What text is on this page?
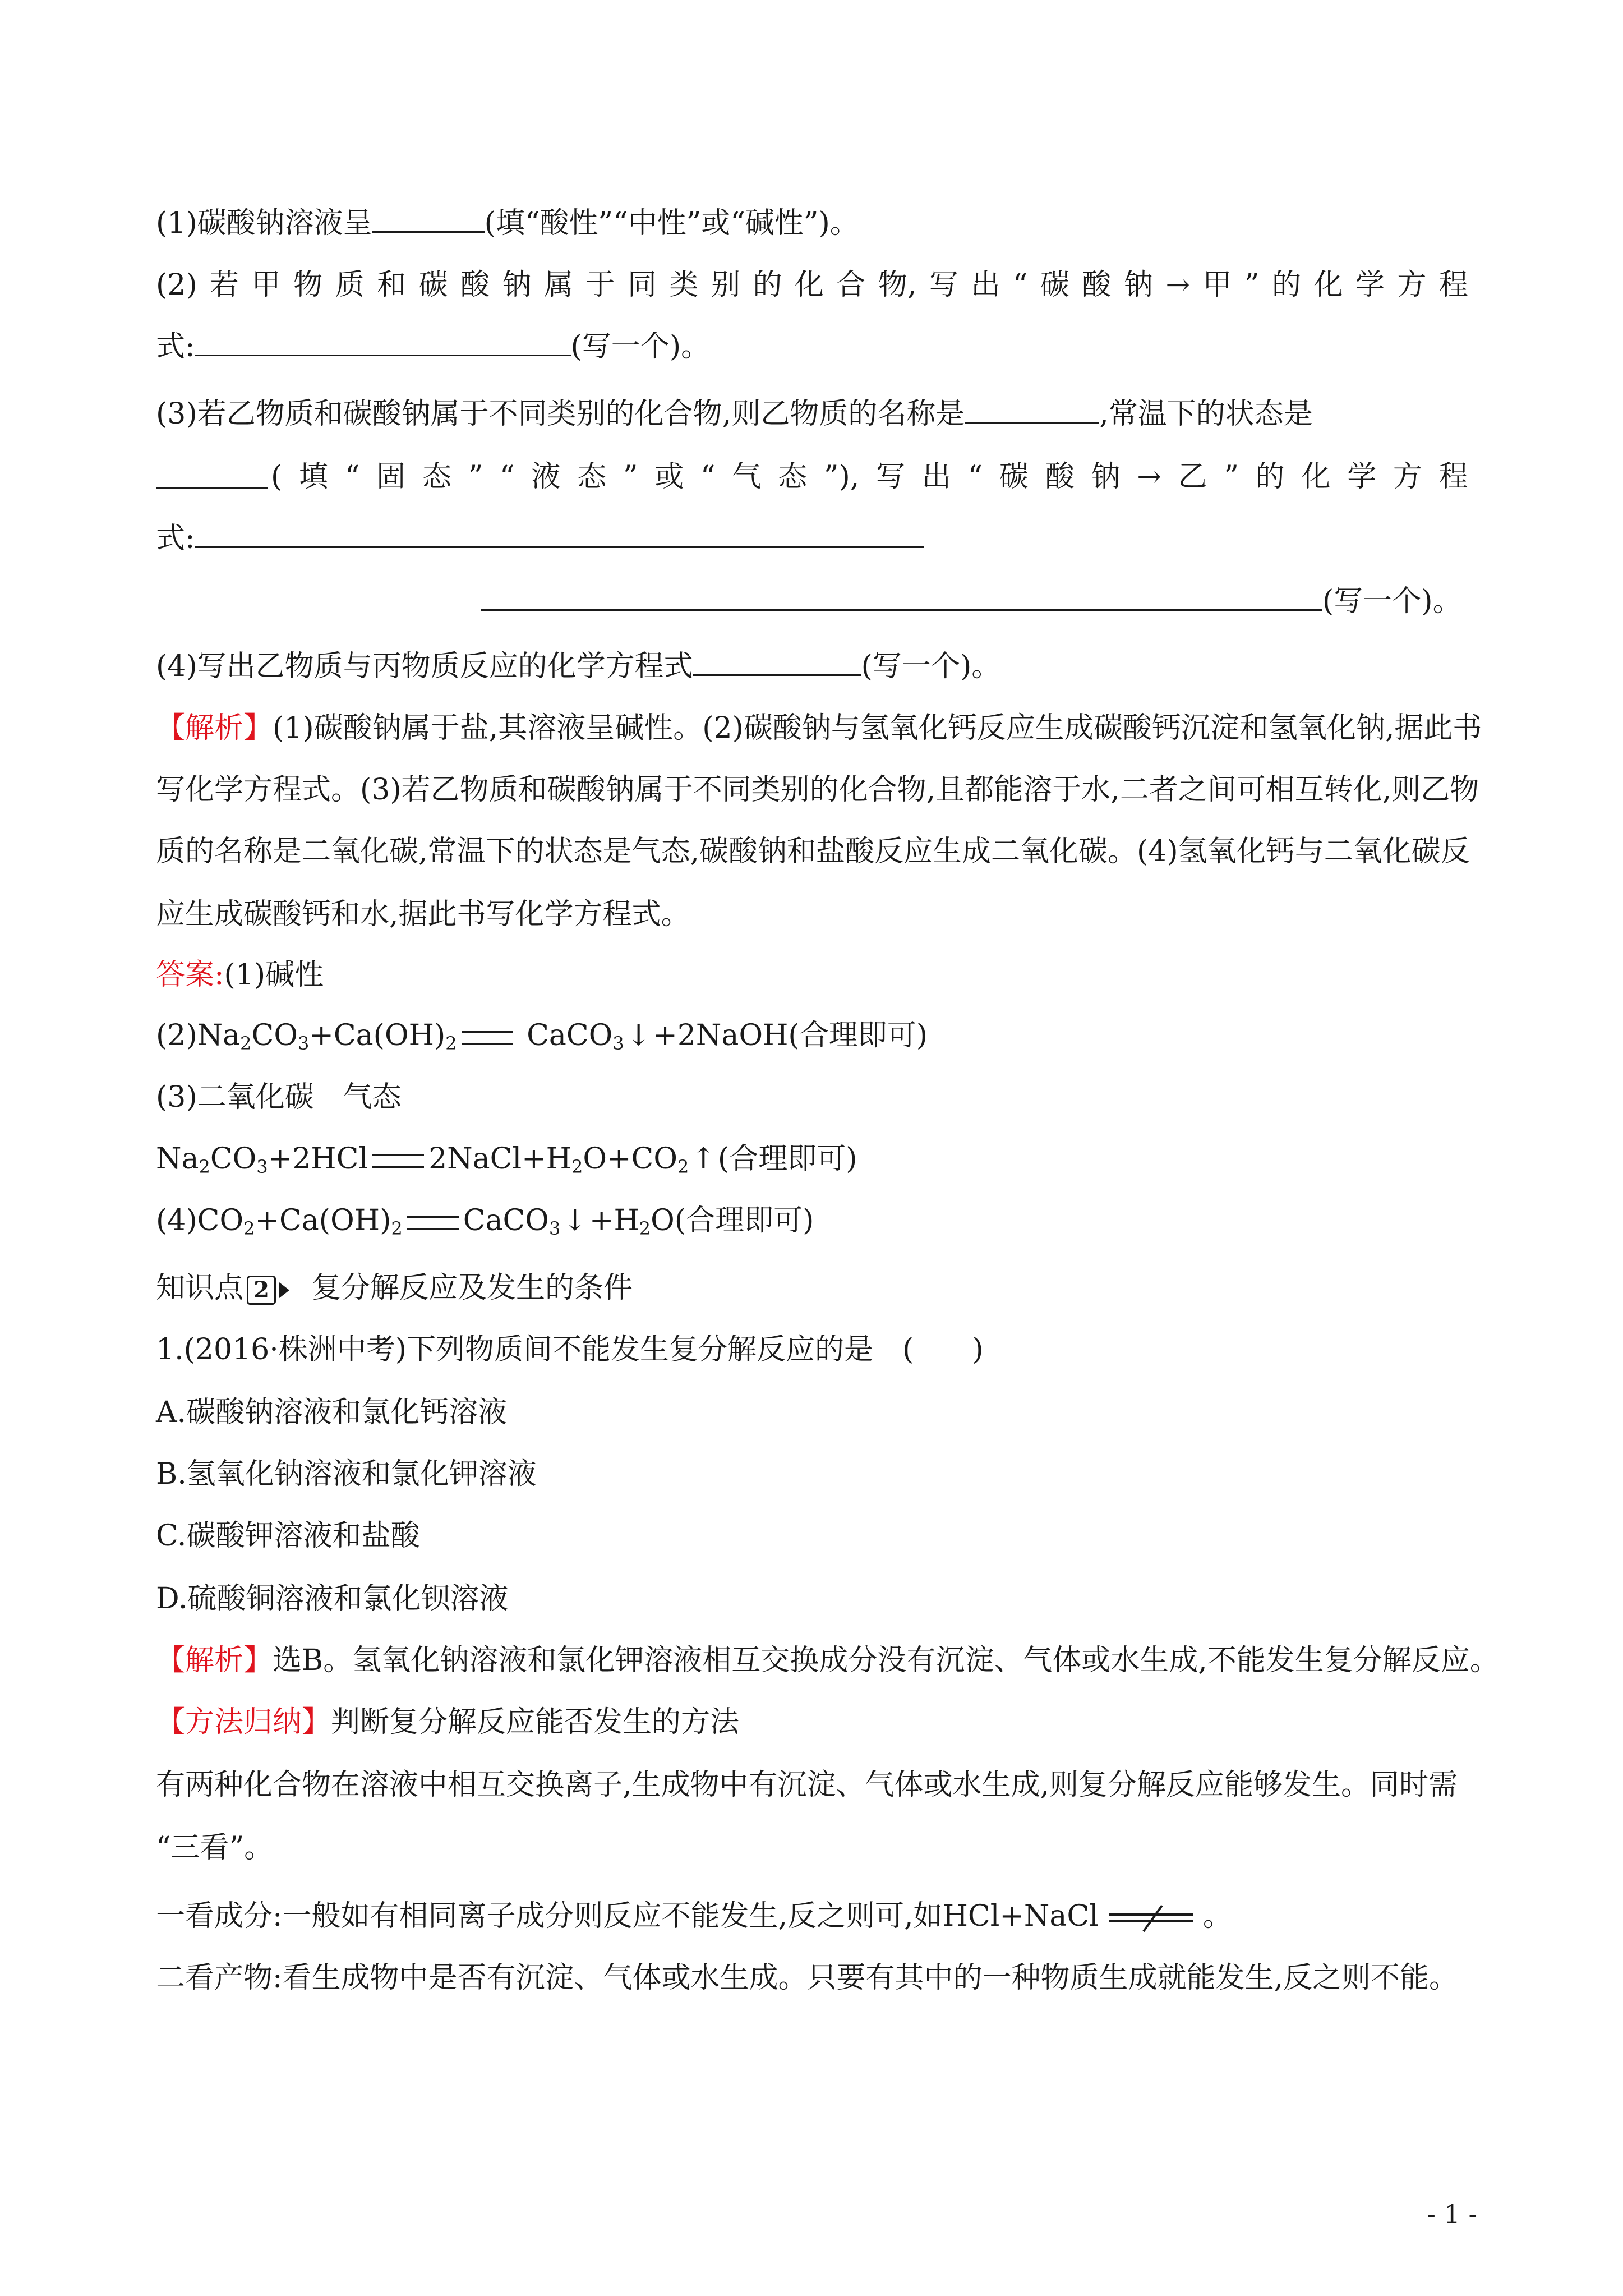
(1)碳酸钠溶液呈	(填“酸性”“中性”或“碱性”)。
(2) 若 甲 物 质 和 碳 酸 钠 属 于 同 类 别 的 化 合 物, 写 出 “ 碳 酸 钠 → 甲 ” 的 化 学 方 程
式:	(写一个)。
(3)若乙物质和碳酸钠属于不同类别的化合物,则乙物质的名称是	,常温下的状态是
( 填 “ 固 态 ” “ 液 态 ” 或 “ 气 态 ”), 写 出 “ 碳 酸 钠 → 乙 ” 的 化 学 方 程
式:
(写一个)。
(4)写出乙物质与丙物质反应的化学方程式	(写一个)。
【解析】(1)碳酸钠属于盐,其溶液呈碱性。(2)碳酸钠与氢氧化钙反应生成碳酸钙沉淀和氢氧化钠,据此书
写化学方程式。(3)若乙物质和碳酸钠属于不同类别的化合物,且都能溶于水,二者之间可相互转化,则乙物
质的名称是二氧化碳,常温下的状态是气态,碳酸钠和盐酸反应生成二氧化碳。(4)氢氧化钙与二氧化碳反
应生成碳酸钙和水,据此书写化学方程式。
答案:(1)碱性
$(2)Na_2CO_3+Ca(OH)_2$ CaCO$_3$↓+2NaOH(合理即可)
(3)二氧化碳　气态
$Na_2CO_3+2HCl$ $2NaCl+H_2O+CO_2↑$(合理即可)
$(4)CO_2+Ca(OH)_2$ $CaCO_3↓+H_2O$(合理即可)
知识点 2 复分解反应及发生的条件
1.(2016·株洲中考)下列物质间不能发生复分解反应的是　(　　)
A.碳酸钠溶液和氯化钙溶液
B.氢氧化钠溶液和氯化钾溶液
C.碳酸钾溶液和盐酸
D.硫酸铜溶液和氯化钡溶液
【解析】选B。氢氧化钠溶液和氯化钾溶液相互交换成分没有沉淀、气体或水生成,不能发生复分解反应。
【方法归纳】判断复分解反应能否发生的方法
有两种化合物在溶液中相互交换离子,生成物中有沉淀、气体或水生成,则复分解反应能够发生。同时需
“三看”。
一看成分:一般如有相同离子成分则反应不能发生,反之则可,如HCl+NaCl	。
二看产物:看生成物中是否有沉淀、气体或水生成。只要有其中的一种物质生成就能发生,反之则不能。
- 1 -
